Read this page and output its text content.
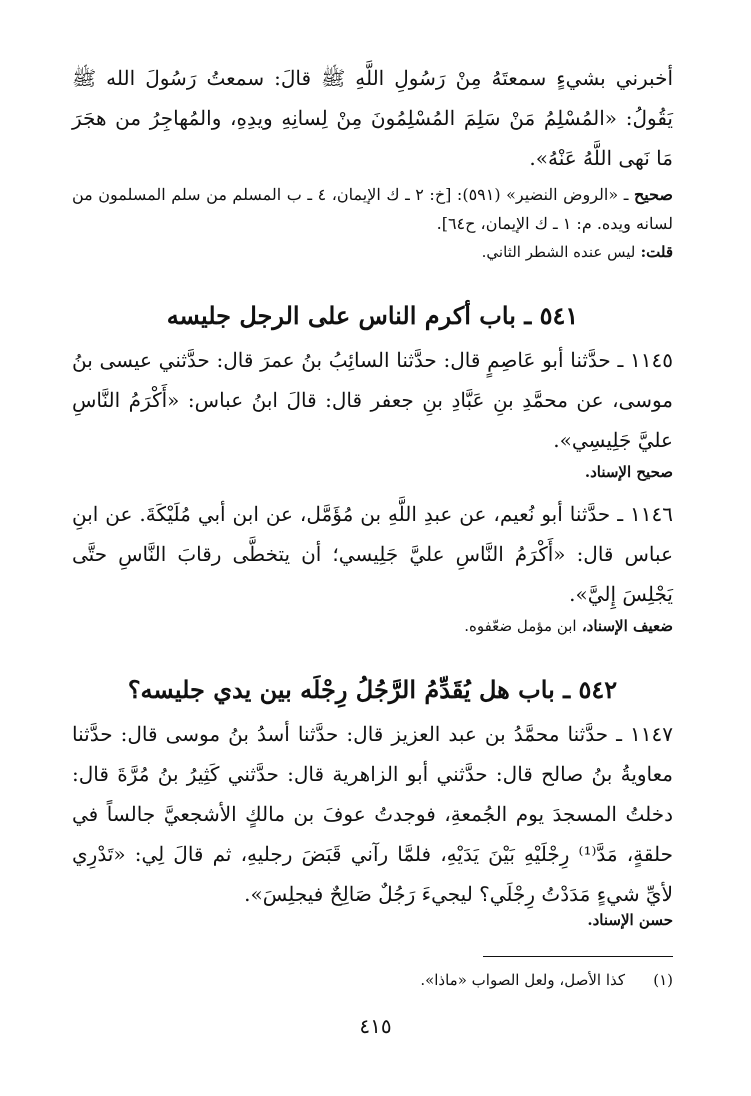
أخبرني بشيءٍ سمعتَهُ مِنْ رَسُولِ اللَّهِ ﷺ قالَ: سمعتُ رَسُولَ الله ﷺ يَقُولُ: «المُسْلِمُ مَنْ سَلِمَ المُسْلِمُونَ مِنْ لِسانِهِ ويدِهِ، والمُهاجِرُ من هجَرَ مَا نَهى اللَّهُ عَنْهُ».
صحيح ـ «الروض النضير» (٥٩١): [خ: ٢ ـ ك الإيمان، ٤ ـ ب المسلم من سلم المسلمون من لسانه ويده. م: ١ ـ ك الإيمان، ح٦٤].
قلت: ليس عنده الشطر الثاني.
٥٤١ ـ باب أكرم الناس على الرجل جليسه
١١٤٥ ـ حدَّثنا أبو عَاصِمٍ قال: حدَّثنا السائِبُ بنُ عمرَ قال: حدَّثني عيسى بنُ موسى، عن محمَّدِ بنِ عَبَّادِ بنِ جعفر قال: قالَ ابنُ عباس: «أَكْرَمُ النَّاسِ عليَّ جَلِيسِي».
صحيح الإسناد.
١١٤٦ ـ حدَّثنا أبو نُعيم، عن عبدِ اللَّهِ بن مُؤَمَّل، عن ابن أبي مُلَيْكَةَ. عن ابنِ عباس قال: «أَكْرَمُ النَّاسِ عليَّ جَلِيسي؛ أن يتخطَّى رقابَ النَّاسِ حتَّى يَجْلِسَ إِليَّ».
ضعيف الإسناد، ابن مؤمل ضعّفوه.
٥٤٢ ـ باب هل يُقَدِّمُ الرَّجُلُ رِجْلَه بين يدي جليسه؟
١١٤٧ ـ حدَّثنا محمَّدُ بن عبد العزيز قال: حدَّثنا أسدُ بنُ موسى قال: حدَّثنا معاويةُ بنُ صالح قال: حدَّثني أبو الزاهرية قال: حدَّثني كَثِيرُ بنُ مُرَّةَ قال: دخلتُ المسجدَ يوم الجُمعةِ، فوجدتُ عوفَ بن مالكٍ الأشجعيَّ جالساً في حلقةٍ، مَدَّ⁽¹⁾ رِجْلَيْهِ بَيْنَ يَدَيْهِ، فلمَّا رآني قَبَضَ رجليهِ، ثم قالَ لِي: «تَدْرِي لأيِّ شيءٍ مَدَدْتُ رِجْلَي؟ ليجيءَ رَجُلٌ صَالِحٌ فيجلِسَ».
حسن الإسناد.
(١)كذا الأصل، ولعل الصواب «ماذا».
٤١٥
